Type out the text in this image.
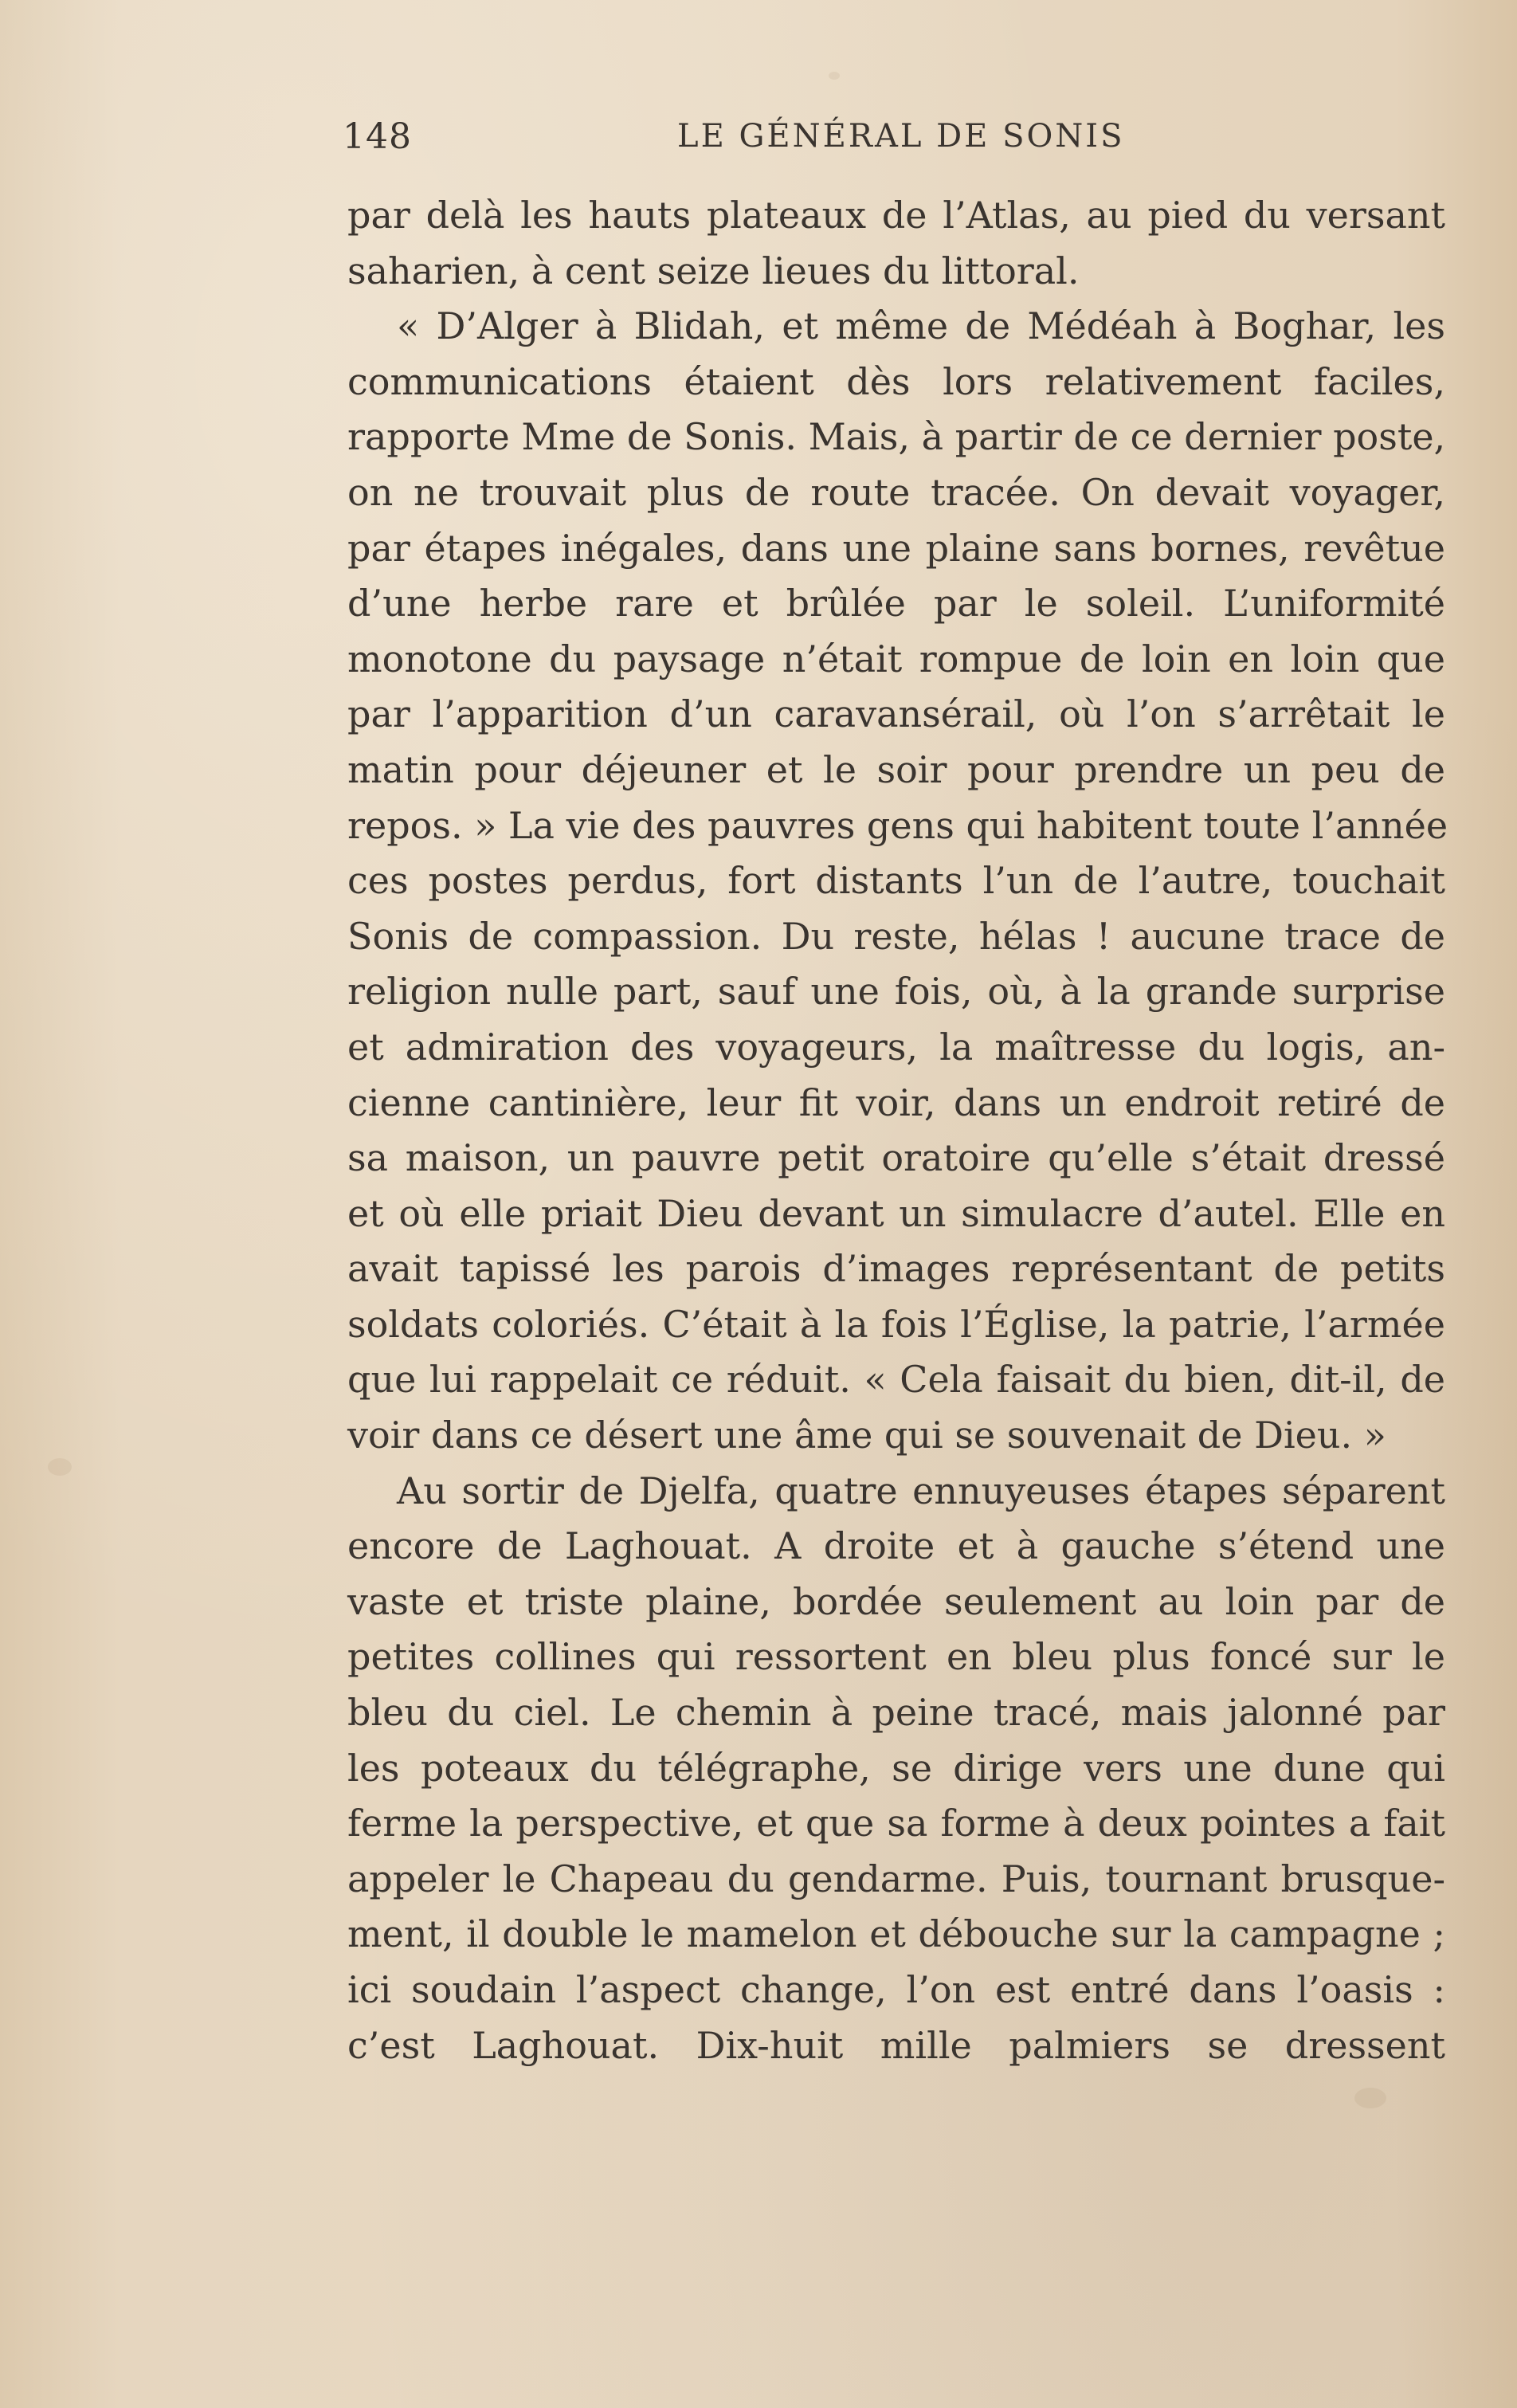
148	LE GÉNÉRAL DE SONIS
par delà les hauts plateaux de l’Atlas, au pied du versant
saharien, à cent seize lieues du littoral.
« D’Alger à Blidah, et même de Médéah à Boghar, les
communications étaient dès lors relativement faciles,
rapporte Mme de Sonis. Mais, à partir de ce dernier poste,
on ne trouvait plus de route tracée. On devait voyager,
par étapes inégales, dans une plaine sans bornes, revêtue
d’une herbe rare et brûlée par le soleil. L’uniformité
monotone du paysage n’était rompue de loin en loin que
par l’apparition d’un caravansérail, où l’on s’arrêtait le
matin pour déjeuner et le soir pour prendre un peu de
repos. » La vie des pauvres gens qui habitent toute l’année
ces postes perdus, fort distants l’un de l’autre, touchait
Sonis de compassion. Du reste, hélas ! aucune trace de
religion nulle part, sauf une fois, où, à la grande surprise
et admiration des voyageurs, la maîtresse du logis, an-
cienne cantinière, leur fit voir, dans un endroit retiré de
sa maison, un pauvre petit oratoire qu’elle s’était dressé
et où elle priait Dieu devant un simulacre d’autel. Elle en
avait tapissé les parois d’images représentant de petits
soldats coloriés. C’était à la fois l’Église, la patrie, l’armée
que lui rappelait ce réduit. « Cela faisait du bien, dit-il, de
voir dans ce désert une âme qui se souvenait de Dieu. »
Au sortir de Djelfa, quatre ennuyeuses étapes séparent
encore de Laghouat. A droite et à gauche s’étend une
vaste et triste plaine, bordée seulement au loin par de
petites collines qui ressortent en bleu plus foncé sur le
bleu du ciel. Le chemin à peine tracé, mais jalonné par
les poteaux du télégraphe, se dirige vers une dune qui
ferme la perspective, et que sa forme à deux pointes a fait
appeler le Chapeau du gendarme. Puis, tournant brusque-
ment, il double le mamelon et débouche sur la campagne ;
ici soudain l’aspect change, l’on est entré dans l’oasis :
c’est Laghouat. Dix-huit mille palmiers se dressent
